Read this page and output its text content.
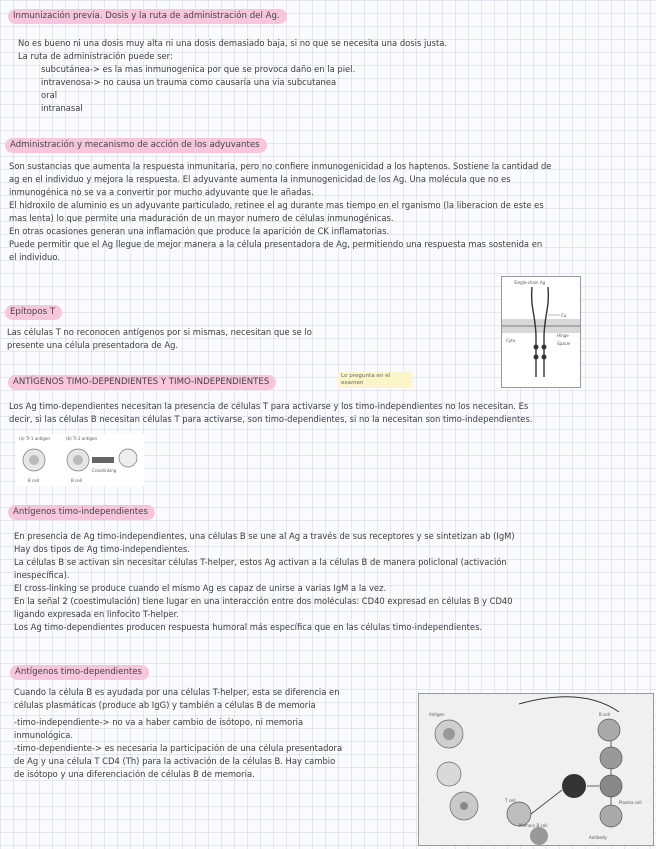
Inmunización previa. Dosis y la ruta de administración del Ag.
No es bueno ni una dosis muy alta ni una dosis demasiado baja, si no que se necesita una dosis justa.
La ruta de administración puede ser:
subcutánea-> es la mas inmunogenica por que se provoca daño en la piel.
intravenosa-> no causa un trauma como causaría una via subcutanea
oral
intranasal
Administración y mecanismo de acción de los adyuvantes
Son sustancias que aumenta la respuesta inmunitaria, pero no confiere inmunogenicidad a los haptenos. Sostiene la cantidad de
ag en el individuo y mejora la respuesta. El adyuvante aumenta la inmunogenicidad de los Ag. Una molécula que no es
inmunogénica no se va a convertir por mucho adyuvante que le añadas.
El hidroxilo de aluminio es un adyuvante particulado, retinee el ag durante mas tiempo en el rganismo (la liberacion de este es
mas lenta) lo que permite una maduración de un mayor numero de células inmunogénicas.
En otras ocasiones generan una inflamación que produce la aparición de CK inflamatorias.
Puede permitir que el Ag llegue de mejor manera a la célula presentadora de Ag, permitiendo una respuesta mas sostenida en
el individuo.
Single-chain Ag
Ca
Hinge
Spacer
Cyto
Epítopos T
Las células T no reconocen antígenos por si mismas, necesitan que se lo
presente una célula presentadora de Ag.
ANTÍGENOS TIMO-DEPENDIENTES Y TIMO-INDEPENDIENTES
Lo pregunta en el examen
Los Ag timo-dependientes necesitan la presencia de células T para activarse y los timo-independientes no los necesitan. Es
decir, si las células B necesitan células T para activarse, son timo-dependientes, si no la necesitan son timo-independientes.
(a) TI-1 antigen	(b) TI-2 antigen
B cell	B cell
Crosslinking
Antígenos timo-independientes
En presencia de Ag timo-independientes, una células B se une al Ag a través de sus receptores y se sintetizan ab (IgM)
Hay dos tipos de Ag timo-independientes.
La células B se activan sin necesitar células T-helper, estos Ag activan a la células B de manera policlonal (activación
inespecífica).
El cross-linking se produce cuando el mismo Ag es capaz de unirse a varias IgM a la vez.
En la señal 2 (coestimulación) tiene lugar en una interacción entre dos moléculas: CD40 expresad en células B y CD40
ligando expresada en linfocito T-helper.
Los Ag timo-dependientes producen respuesta humoral más específica que en las células timo-independientes.
Antígenos timo-dependientes
Cuando la célula B es ayudada por una células T-helper, esta se diferencia en
células plasmáticas (produce ab IgG) y también a células B de memoria
-timo-independiente-> no va a haber cambio de isótopo, ni memoria
inmunológica.
-timo-dependiente-> es necesaria la participación de una célula presentadora
de Ag y una célula T CD4 (Th) para la activación de la células B. Hay cambio
de isótopo y una diferenciación de células B de memoria.
Antigen	B cell
Plasma cell
Memory B cell
Antibody
T cell
